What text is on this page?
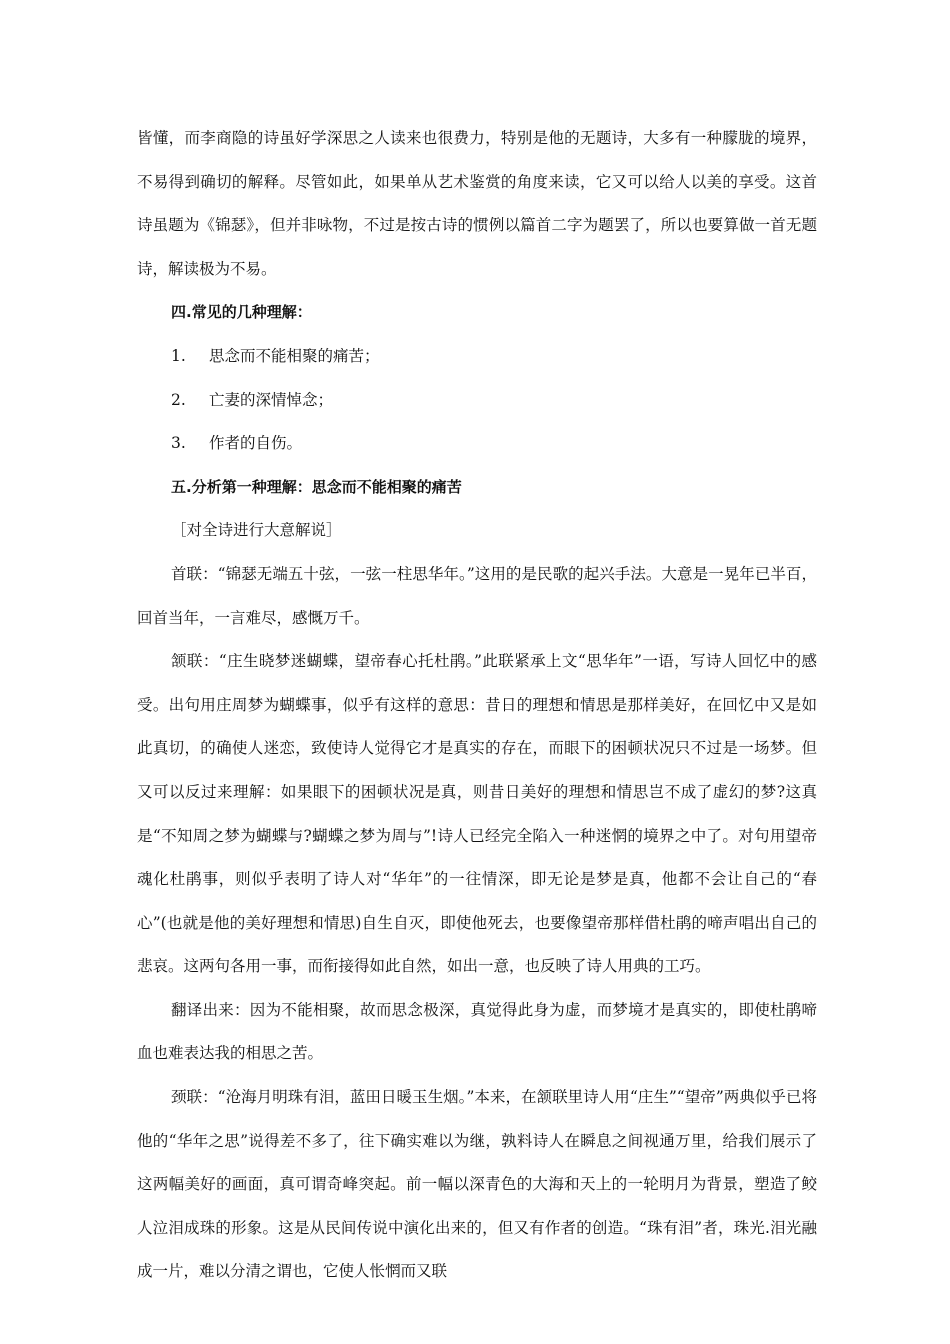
皆懂，而李商隐的诗虽好学深思之人读来也很费力，特别是他的无题诗，大多有一种朦胧的境界，不易得到确切的解释。尽管如此，如果单从艺术鉴赏的角度来读，它又可以给人以美的享受。这首诗虽题为《锦瑟》，但并非咏物，不过是按古诗的惯例以篇首二字为题罢了，所以也要算做一首无题诗，解读极为不易。

四.常见的几种理解：

1.	思念而不能相聚的痛苦；

2.	亡妻的深情悼念；

3.	作者的自伤。

五.分析第一种理解：思念而不能相聚的痛苦

［对全诗进行大意解说］

首联：“锦瑟无端五十弦，一弦一柱思华年。”这用的是民歌的起兴手法。大意是一晃年已半百，回首当年，一言难尽，感慨万千。

颔联：“庄生晓梦迷蝴蝶，望帝春心托杜鹃。”此联紧承上文“思华年”一语，写诗人回忆中的感受。出句用庄周梦为蝴蝶事，似乎有这样的意思：昔日的理想和情思是那样美好，在回忆中又是如此真切，的确使人迷恋，致使诗人觉得它才是真实的存在，而眼下的困顿状况只不过是一场梦。但又可以反过来理解：如果眼下的困顿状况是真，则昔日美好的理想和情思岂不成了虚幻的梦?这真是“不知周之梦为蝴蝶与?蝴蝶之梦为周与”!诗人已经完全陷入一种迷惘的境界之中了。对句用望帝魂化杜鹃事，则似乎表明了诗人对“华年”的一往情深，即无论是梦是真，他都不会让自己的“春心”(也就是他的美好理想和情思)自生自灭，即使他死去，也要像望帝那样借杜鹃的啼声唱出自己的悲哀。这两句各用一事，而衔接得如此自然，如出一意，也反映了诗人用典的工巧。

翻译出来：因为不能相聚，故而思念极深，真觉得此身为虚，而梦境才是真实的，即使杜鹃啼血也难表达我的相思之苦。

颈联：“沧海月明珠有泪，蓝田日暖玉生烟。”本来，在颔联里诗人用“庄生”“望帝”两典似乎已将他的“华年之思”说得差不多了，往下确实难以为继，孰料诗人在瞬息之间视通万里，给我们展示了这两幅美好的画面，真可谓奇峰突起。前一幅以深青色的大海和天上的一轮明月为背景，塑造了鲛人泣泪成珠的形象。这是从民间传说中演化出来的，但又有作者的创造。“珠有泪”者，珠光.泪光融成一片，难以分清之谓也，它使人怅惘而又联
